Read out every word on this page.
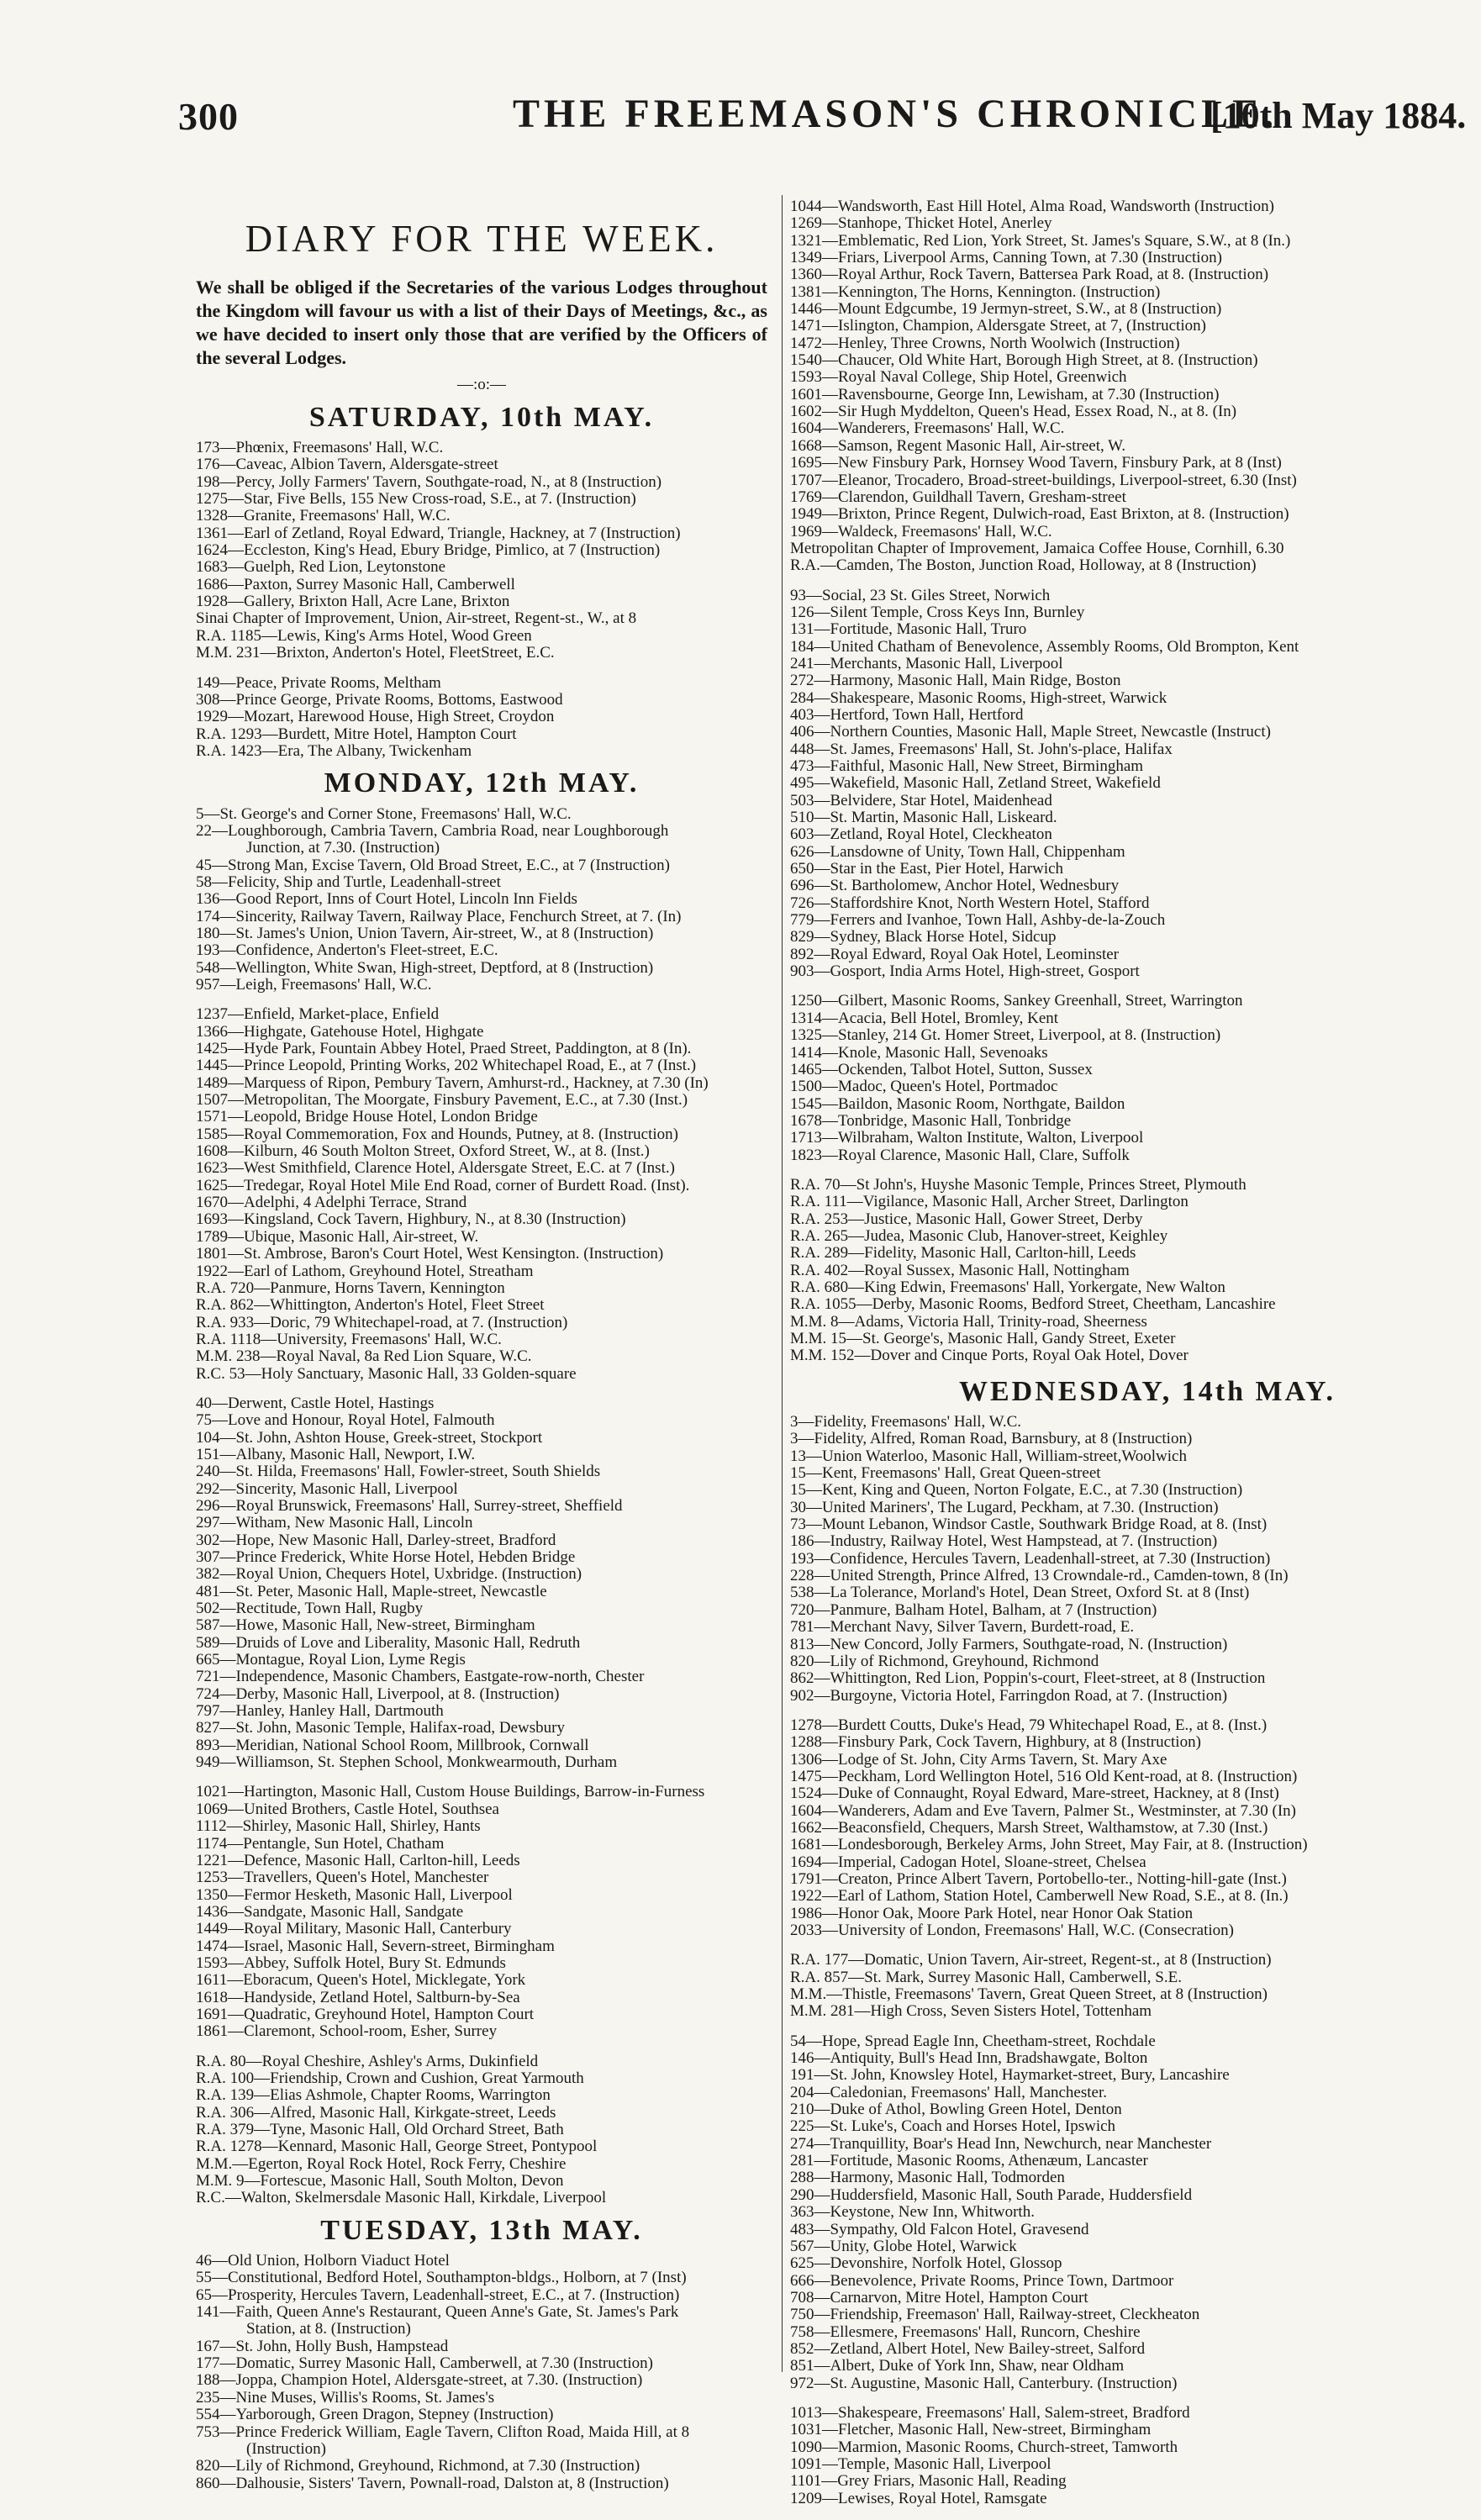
300	THE FREEMASON'S CHRONICLE.
[10th May 1884.
DIARY FOR THE WEEK.

We shall be obliged if the Secretaries of the various Lodges throughout the Kingdom will favour us with a list of their Days of Meetings, &c., as we have decided to insert only those that are verified by the Officers of the several Lodges.

—:o:—
SATURDAY, 10th MAY.
173—Phœnix, Freemasons' Hall, W.C.
176—Caveac, Albion Tavern, Aldersgate-street
198—Percy, Jolly Farmers' Tavern, Southgate-road, N., at 8 (Instruction)
1275—Star, Five Bells, 155 New Cross-road, S.E., at 7. (Instruction)
1328—Granite, Freemasons' Hall, W.C.
1361—Earl of Zetland, Royal Edward, Triangle, Hackney, at 7 (Instruction)
1624—Eccleston, King's Head, Ebury Bridge, Pimlico, at 7 (Instruction)
1683—Guelph, Red Lion, Leytonstone
1686—Paxton, Surrey Masonic Hall, Camberwell
1928—Gallery, Brixton Hall, Acre Lane, Brixton
Sinai Chapter of Improvement, Union, Air-street, Regent-st., W., at 8
R.A. 1185—Lewis, King's Arms Hotel, Wood Green
M.M. 231—Brixton, Anderton's Hotel, FleetStreet, E.C.
149—Peace, Private Rooms, Meltham
308—Prince George, Private Rooms, Bottoms, Eastwood
1929—Mozart, Harewood House, High Street, Croydon
R.A. 1293—Burdett, Mitre Hotel, Hampton Court
R.A. 1423—Era, The Albany, Twickenham
MONDAY, 12th MAY.
5—St. George's and Corner Stone, Freemasons' Hall, W.C.
22—Loughborough, Cambria Tavern, Cambria Road, near Loughborough
Junction, at 7.30. (Instruction)
45—Strong Man, Excise Tavern, Old Broad Street, E.C., at 7 (Instruction)
58—Felicity, Ship and Turtle, Leadenhall-street
136—Good Report, Inns of Court Hotel, Lincoln Inn Fields
174—Sincerity, Railway Tavern, Railway Place, Fenchurch Street, at 7. (In)
180—St. James's Union, Union Tavern, Air-street, W., at 8 (Instruction)
193—Confidence, Anderton's Fleet-street, E.C.
548—Wellington, White Swan, High-street, Deptford, at 8 (Instruction)
957—Leigh, Freemasons' Hall, W.C.
1237—Enfield, Market-place, Enfield
1366—Highgate, Gatehouse Hotel, Highgate
1425—Hyde Park, Fountain Abbey Hotel, Praed Street, Paddington, at 8 (In).
1445—Prince Leopold, Printing Works, 202 Whitechapel Road, E., at 7 (Inst.)
1489—Marquess of Ripon, Pembury Tavern, Amhurst-rd., Hackney, at 7.30 (In)
1507—Metropolitan, The Moorgate, Finsbury Pavement, E.C., at 7.30 (Inst.)
1571—Leopold, Bridge House Hotel, London Bridge
1585—Royal Commemoration, Fox and Hounds, Putney, at 8. (Instruction)
1608—Kilburn, 46 South Molton Street, Oxford Street, W., at 8. (Inst.)
1623—West Smithfield, Clarence Hotel, Aldersgate Street, E.C. at 7 (Inst.)
1625—Tredegar, Royal Hotel Mile End Road, corner of Burdett Road. (Inst).
1670—Adelphi, 4 Adelphi Terrace, Strand
1693—Kingsland, Cock Tavern, Highbury, N., at 8.30 (Instruction)
1789—Ubique, Masonic Hall, Air-street, W.
1801—St. Ambrose, Baron's Court Hotel, West Kensington. (Instruction)
1922—Earl of Lathom, Greyhound Hotel, Streatham
R.A. 720—Panmure, Horns Tavern, Kennington
R.A. 862—Whittington, Anderton's Hotel, Fleet Street
R.A. 933—Doric, 79 Whitechapel-road, at 7. (Instruction)
R.A. 1118—University, Freemasons' Hall, W.C.
M.M. 238—Royal Naval, 8a Red Lion Square, W.C.
R.C. 53—Holy Sanctuary, Masonic Hall, 33 Golden-square
40—Derwent, Castle Hotel, Hastings
75—Love and Honour, Royal Hotel, Falmouth
104—St. John, Ashton House, Greek-street, Stockport
151—Albany, Masonic Hall, Newport, I.W.
240—St. Hilda, Freemasons' Hall, Fowler-street, South Shields
292—Sincerity, Masonic Hall, Liverpool
296—Royal Brunswick, Freemasons' Hall, Surrey-street, Sheffield
297—Witham, New Masonic Hall, Lincoln
302—Hope, New Masonic Hall, Darley-street, Bradford
307—Prince Frederick, White Horse Hotel, Hebden Bridge
382—Royal Union, Chequers Hotel, Uxbridge. (Instruction)
481—St. Peter, Masonic Hall, Maple-street, Newcastle
502—Rectitude, Town Hall, Rugby
587—Howe, Masonic Hall, New-street, Birmingham
589—Druids of Love and Liberality, Masonic Hall, Redruth
665—Montague, Royal Lion, Lyme Regis
721—Independence, Masonic Chambers, Eastgate-row-north, Chester
724—Derby, Masonic Hall, Liverpool, at 8. (Instruction)
797—Hanley, Hanley Hall, Dartmouth
827—St. John, Masonic Temple, Halifax-road, Dewsbury
893—Meridian, National School Room, Millbrook, Cornwall
949—Williamson, St. Stephen School, Monkwearmouth, Durham
1021—Hartington, Masonic Hall, Custom House Buildings, Barrow-in-Furness
1069—United Brothers, Castle Hotel, Southsea
1112—Shirley, Masonic Hall, Shirley, Hants
1174—Pentangle, Sun Hotel, Chatham
1221—Defence, Masonic Hall, Carlton-hill, Leeds
1253—Travellers, Queen's Hotel, Manchester
1350—Fermor Hesketh, Masonic Hall, Liverpool
1436—Sandgate, Masonic Hall, Sandgate
1449—Royal Military, Masonic Hall, Canterbury
1474—Israel, Masonic Hall, Severn-street, Birmingham
1593—Abbey, Suffolk Hotel, Bury St. Edmunds
1611—Eboracum, Queen's Hotel, Micklegate, York
1618—Handyside, Zetland Hotel, Saltburn-by-Sea
1691—Quadratic, Greyhound Hotel, Hampton Court
1861—Claremont, School-room, Esher, Surrey
R.A. 80—Royal Cheshire, Ashley's Arms, Dukinfield
R.A. 100—Friendship, Crown and Cushion, Great Yarmouth
R.A. 139—Elias Ashmole, Chapter Rooms, Warrington
R.A. 306—Alfred, Masonic Hall, Kirkgate-street, Leeds
R.A. 379—Tyne, Masonic Hall, Old Orchard Street, Bath
R.A. 1278—Kennard, Masonic Hall, George Street, Pontypool
M.M.—Egerton, Royal Rock Hotel, Rock Ferry, Cheshire
M.M. 9—Fortescue, Masonic Hall, South Molton, Devon
R.C.—Walton, Skelmersdale Masonic Hall, Kirkdale, Liverpool
TUESDAY, 13th MAY.
46—Old Union, Holborn Viaduct Hotel
55—Constitutional, Bedford Hotel, Southampton-bldgs., Holborn, at 7 (Inst)
65—Prosperity, Hercules Tavern, Leadenhall-street, E.C., at 7. (Instruction)
141—Faith, Queen Anne's Restaurant, Queen Anne's Gate, St. James's Park
Station, at 8. (Instruction)
167—St. John, Holly Bush, Hampstead
177—Domatic, Surrey Masonic Hall, Camberwell, at 7.30 (Instruction)
188—Joppa, Champion Hotel, Aldersgate-street, at 7.30. (Instruction)
235—Nine Muses, Willis's Rooms, St. James's
554—Yarborough, Green Dragon, Stepney (Instruction)
753—Prince Frederick William, Eagle Tavern, Clifton Road, Maida Hill, at 8
(Instruction)
820—Lily of Richmond, Greyhound, Richmond, at 7.30 (Instruction)
860—Dalhousie, Sisters' Tavern, Pownall-road, Dalston at, 8 (Instruction)
1044—Wandsworth, East Hill Hotel, Alma Road, Wandsworth (Instruction)
1269—Stanhope, Thicket Hotel, Anerley
1321—Emblematic, Red Lion, York Street, St. James's Square, S.W., at 8 (In.)
1349—Friars, Liverpool Arms, Canning Town, at 7.30 (Instruction)
1360—Royal Arthur, Rock Tavern, Battersea Park Road, at 8. (Instruction)
1381—Kennington, The Horns, Kennington. (Instruction)
1446—Mount Edgcumbe, 19 Jermyn-street, S.W., at 8 (Instruction)
1471—Islington, Champion, Aldersgate Street, at 7, (Instruction)
1472—Henley, Three Crowns, North Woolwich (Instruction)
1540—Chaucer, Old White Hart, Borough High Street, at 8. (Instruction)
1593—Royal Naval College, Ship Hotel, Greenwich
1601—Ravensbourne, George Inn, Lewisham, at 7.30 (Instruction)
1602—Sir Hugh Myddelton, Queen's Head, Essex Road, N., at 8. (In)
1604—Wanderers, Freemasons' Hall, W.C.
1668—Samson, Regent Masonic Hall, Air-street, W.
1695—New Finsbury Park, Hornsey Wood Tavern, Finsbury Park, at 8 (Inst)
1707—Eleanor, Trocadero, Broad-street-buildings, Liverpool-street, 6.30 (Inst)
1769—Clarendon, Guildhall Tavern, Gresham-street
1949—Brixton, Prince Regent, Dulwich-road, East Brixton, at 8. (Instruction)
1969—Waldeck, Freemasons' Hall, W.C.
Metropolitan Chapter of Improvement, Jamaica Coffee House, Cornhill, 6.30
R.A.—Camden, The Boston, Junction Road, Holloway, at 8 (Instruction)
93—Social, 23 St. Giles Street, Norwich
126—Silent Temple, Cross Keys Inn, Burnley
131—Fortitude, Masonic Hall, Truro
184—United Chatham of Benevolence, Assembly Rooms, Old Brompton, Kent
241—Merchants, Masonic Hall, Liverpool
272—Harmony, Masonic Hall, Main Ridge, Boston
284—Shakespeare, Masonic Rooms, High-street, Warwick
403—Hertford, Town Hall, Hertford
406—Northern Counties, Masonic Hall, Maple Street, Newcastle (Instruct)
448—St. James, Freemasons' Hall, St. John's-place, Halifax
473—Faithful, Masonic Hall, New Street, Birmingham
495—Wakefield, Masonic Hall, Zetland Street, Wakefield
503—Belvidere, Star Hotel, Maidenhead
510—St. Martin, Masonic Hall, Liskeard.
603—Zetland, Royal Hotel, Cleckheaton
626—Lansdowne of Unity, Town Hall, Chippenham
650—Star in the East, Pier Hotel, Harwich
696—St. Bartholomew, Anchor Hotel, Wednesbury
726—Staffordshire Knot, North Western Hotel, Stafford
779—Ferrers and Ivanhoe, Town Hall, Ashby-de-la-Zouch
829—Sydney, Black Horse Hotel, Sidcup
892—Royal Edward, Royal Oak Hotel, Leominster
903—Gosport, India Arms Hotel, High-street, Gosport
1250—Gilbert, Masonic Rooms, Sankey Greenhall, Street, Warrington
1314—Acacia, Bell Hotel, Bromley, Kent
1325—Stanley, 214 Gt. Homer Street, Liverpool, at 8. (Instruction)
1414—Knole, Masonic Hall, Sevenoaks
1465—Ockenden, Talbot Hotel, Sutton, Sussex
1500—Madoc, Queen's Hotel, Portmadoc
1545—Baildon, Masonic Room, Northgate, Baildon
1678—Tonbridge, Masonic Hall, Tonbridge
1713—Wilbraham, Walton Institute, Walton, Liverpool
1823—Royal Clarence, Masonic Hall, Clare, Suffolk
R.A. 70—St John's, Huyshe Masonic Temple, Princes Street, Plymouth
R.A. 111—Vigilance, Masonic Hall, Archer Street, Darlington
R.A. 253—Justice, Masonic Hall, Gower Street, Derby
R.A. 265—Judea, Masonic Club, Hanover-street, Keighley
R.A. 289—Fidelity, Masonic Hall, Carlton-hill, Leeds
R.A. 402—Royal Sussex, Masonic Hall, Nottingham
R.A. 680—King Edwin, Freemasons' Hall, Yorkergate, New Walton
R.A. 1055—Derby, Masonic Rooms, Bedford Street, Cheetham, Lancashire
M.M. 8—Adams, Victoria Hall, Trinity-road, Sheerness
M.M. 15—St. George's, Masonic Hall, Gandy Street, Exeter
M.M. 152—Dover and Cinque Ports, Royal Oak Hotel, Dover
WEDNESDAY, 14th MAY.
3—Fidelity, Freemasons' Hall, W.C.
3—Fidelity, Alfred, Roman Road, Barnsbury, at 8 (Instruction)
13—Union Waterloo, Masonic Hall, William-street,Woolwich
15—Kent, Freemasons' Hall, Great Queen-street
15—Kent, King and Queen, Norton Folgate, E.C., at 7.30 (Instruction)
30—United Mariners', The Lugard, Peckham, at 7.30. (Instruction)
73—Mount Lebanon, Windsor Castle, Southwark Bridge Road, at 8. (Inst)
186—Industry, Railway Hotel, West Hampstead, at 7. (Instruction)
193—Confidence, Hercules Tavern, Leadenhall-street, at 7.30 (Instruction)
228—United Strength, Prince Alfred, 13 Crowndale-rd., Camden-town, 8 (In)
538—La Tolerance, Morland's Hotel, Dean Street, Oxford St. at 8 (Inst)
720—Panmure, Balham Hotel, Balham, at 7 (Instruction)
781—Merchant Navy, Silver Tavern, Burdett-road, E.
813—New Concord, Jolly Farmers, Southgate-road, N. (Instruction)
820—Lily of Richmond, Greyhound, Richmond
862—Whittington, Red Lion, Poppin's-court, Fleet-street, at 8 (Instruction
902—Burgoyne, Victoria Hotel, Farringdon Road, at 7. (Instruction)
1278—Burdett Coutts, Duke's Head, 79 Whitechapel Road, E., at 8. (Inst.)
1288—Finsbury Park, Cock Tavern, Highbury, at 8 (Instruction)
1306—Lodge of St. John, City Arms Tavern, St. Mary Axe
1475—Peckham, Lord Wellington Hotel, 516 Old Kent-road, at 8. (Instruction)
1524—Duke of Connaught, Royal Edward, Mare-street, Hackney, at 8 (Inst)
1604—Wanderers, Adam and Eve Tavern, Palmer St., Westminster, at 7.30 (In)
1662—Beaconsfield, Chequers, Marsh Street, Walthamstow, at 7.30 (Inst.)
1681—Londesborough, Berkeley Arms, John Street, May Fair, at 8. (Instruction)
1694—Imperial, Cadogan Hotel, Sloane-street, Chelsea
1791—Creaton, Prince Albert Tavern, Portobello-ter., Notting-hill-gate (Inst.)
1922—Earl of Lathom, Station Hotel, Camberwell New Road, S.E., at 8. (In.)
1986—Honor Oak, Moore Park Hotel, near Honor Oak Station
2033—University of London, Freemasons' Hall, W.C. (Consecration)
R.A. 177—Domatic, Union Tavern, Air-street, Regent-st., at 8 (Instruction)
R.A. 857—St. Mark, Surrey Masonic Hall, Camberwell, S.E.
M.M.—Thistle, Freemasons' Tavern, Great Queen Street, at 8 (Instruction)
M.M. 281—High Cross, Seven Sisters Hotel, Tottenham
54—Hope, Spread Eagle Inn, Cheetham-street, Rochdale
146—Antiquity, Bull's Head Inn, Bradshawgate, Bolton
191—St. John, Knowsley Hotel, Haymarket-street, Bury, Lancashire
204—Caledonian, Freemasons' Hall, Manchester.
210—Duke of Athol, Bowling Green Hotel, Denton
225—St. Luke's, Coach and Horses Hotel, Ipswich
274—Tranquillity, Boar's Head Inn, Newchurch, near Manchester
281—Fortitude, Masonic Rooms, Athenæum, Lancaster
288—Harmony, Masonic Hall, Todmorden
290—Huddersfield, Masonic Hall, South Parade, Huddersfield
363—Keystone, New Inn, Whitworth.
483—Sympathy, Old Falcon Hotel, Gravesend
567—Unity, Globe Hotel, Warwick
625—Devonshire, Norfolk Hotel, Glossop
666—Benevolence, Private Rooms, Prince Town, Dartmoor
708—Carnarvon, Mitre Hotel, Hampton Court
750—Friendship, Freemason' Hall, Railway-street, Cleckheaton
758—Ellesmere, Freemasons' Hall, Runcorn, Cheshire
852—Zetland, Albert Hotel, New Bailey-street, Salford
851—Albert, Duke of York Inn, Shaw, near Oldham
972—St. Augustine, Masonic Hall, Canterbury. (Instruction)
1013—Shakespeare, Freemasons' Hall, Salem-street, Bradford
1031—Fletcher, Masonic Hall, New-street, Birmingham
1090—Marmion, Masonic Rooms, Church-street, Tamworth
1091—Temple, Masonic Hall, Liverpool
1101—Grey Friars, Masonic Hall, Reading
1209—Lewises, Royal Hotel, Ramsgate
